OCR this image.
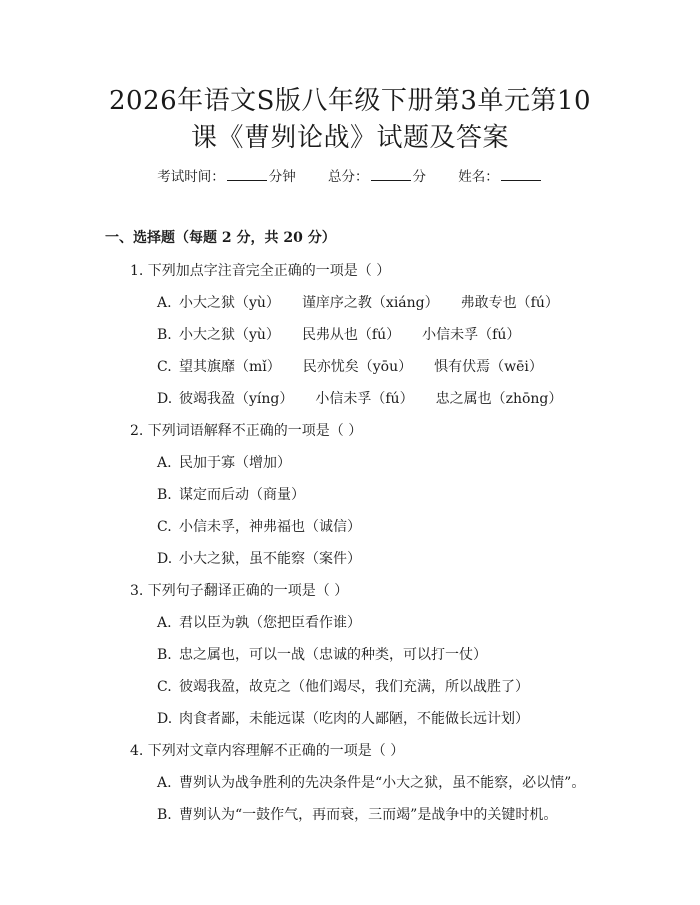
2026年语文S版八年级下册第3单元第10
课《曹刿论战》试题及答案
考试时间：	分钟 总分：	分 姓名：
一、选择题（每题 2 分，共 20 分）
1. 下列加点字注音完全正确的一项是（ ）
A. 小大之狱（yù） 谨庠序之教（xiáng） 弗敢专也（fú）
B. 小大之狱（yù） 民弗从也（fú） 小信未孚（fú）
C. 望其旗靡（mǐ） 民亦忧矣（yōu） 惧有伏焉（wēi）
D. 彼竭我盈（yíng） 小信未孚（fú） 忠之属也（zhōng）
2. 下列词语解释不正确的一项是（ ）
A. 民加于寡（增加）
B. 谋定而后动（商量）
C. 小信未孚，神弗福也（诚信）
D. 小大之狱，虽不能察（案件）
3. 下列句子翻译正确的一项是（ ）
A. 君以臣为孰（您把臣看作谁）
B. 忠之属也，可以一战（忠诚的种类，可以打一仗）
C. 彼竭我盈，故克之（他们竭尽，我们充满，所以战胜了）
D. 肉食者鄙，未能远谋（吃肉的人鄙陋，不能做长远计划）
4. 下列对文章内容理解不正确的一项是（ ）
A. 曹刿认为战争胜利的先决条件是“小大之狱，虽不能察，必以情”。
B. 曹刿认为“一鼓作气，再而衰，三而竭”是战争中的关键时机。
